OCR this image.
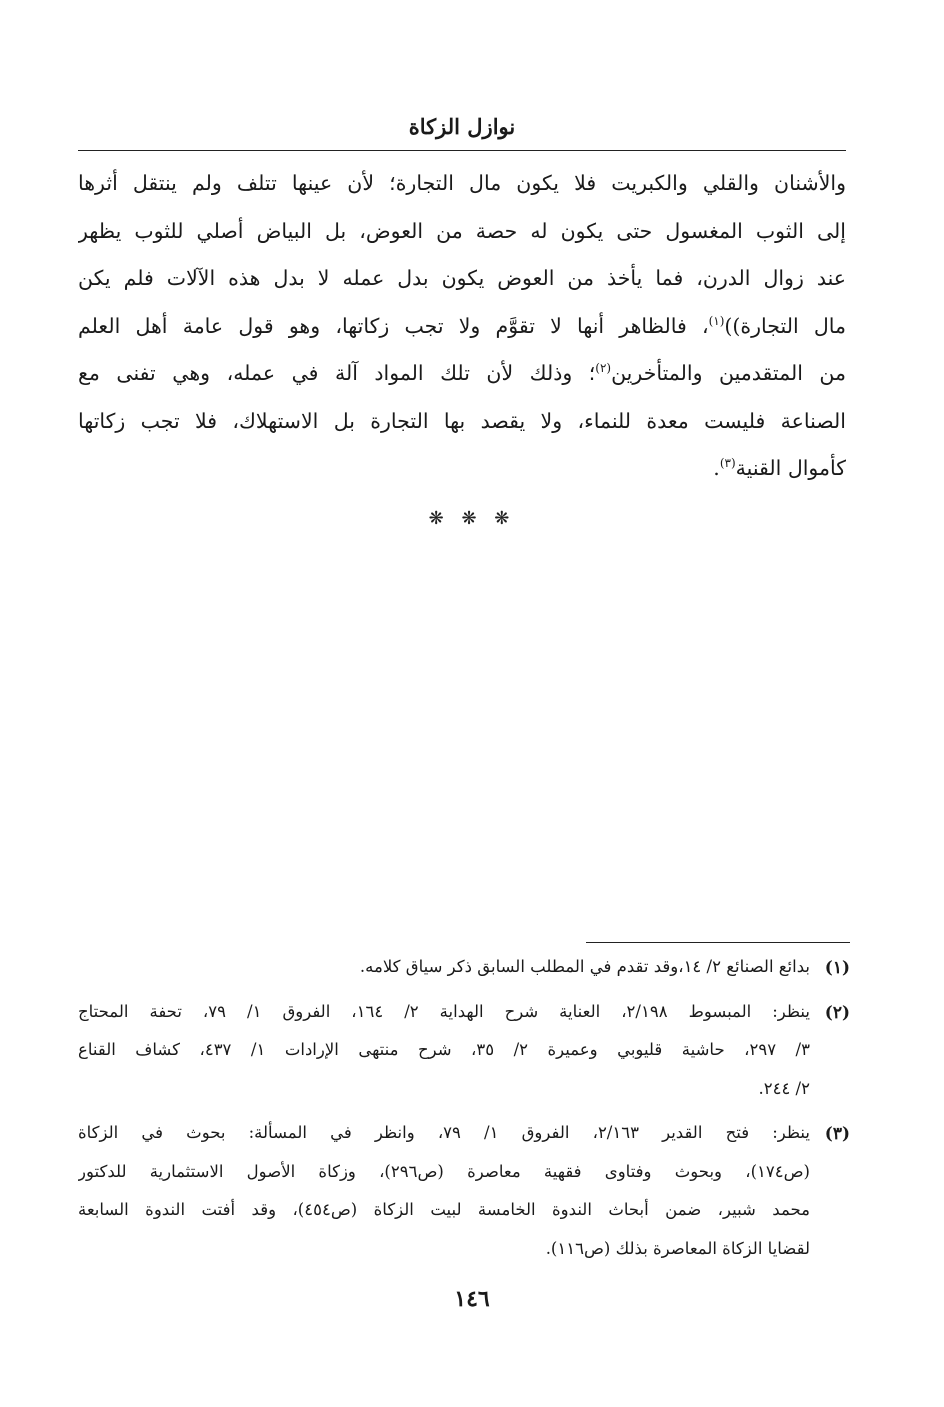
نوازل الزكاة
والأشنان والقلي والكبريت فلا يكون مال التجارة؛ لأن عينها تتلف ولم ينتقل أثرها
إلى الثوب المغسول حتى يكون له حصة من العوض، بل البياض أصلي للثوب يظهر
عند زوال الدرن، فما يأخذ من العوض يكون بدل عمله لا بدل هذه الآلات فلم يكن
مال التجارة))$^{(١)}$، فالظاهر أنها لا تقوَّم ولا تجب زكاتها، وهو قول عامة أهل العلم
من المتقدمين والمتأخرين$^{(٢)}$؛ وذلك لأن تلك المواد آلة في عمله، وهي تفنى مع
الصناعة فليست معدة للنماء، ولا يقصد بها التجارة بل الاستهلاك، فلا تجب زكاتها
كأموال القنية$^{(٣)}$.
❋ ❋ ❋
(١)
بدائع الصنائع ٢/ ١٤،وقد تقدم في المطلب السابق ذكر سياق كلامه.
(٢)
ينظر: المبسوط ٢/١٩٨، العناية شرح الهداية ٢/ ١٦٤، الفروق ١/ ٧٩، تحفة المحتاج
٣/ ٢٩٧، حاشية قليوبي وعميرة ٢/ ٣٥، شرح منتهى الإرادات ١/ ٤٣٧، كشاف القناع
٢/ ٢٤٤.
(٣)
ينظر: فتح القدير ٢/١٦٣، الفروق ١/ ٧٩، وانظر في المسألة: بحوث في الزكاة
(ص١٧٤)، وبحوث وفتاوى فقهية معاصرة (ص٢٩٦)، وزكاة الأصول الاستثمارية للدكتور
محمد شبير، ضمن أبحاث الندوة الخامسة لبيت الزكاة (ص٤٥٤)، وقد أفتت الندوة السابعة
لقضايا الزكاة المعاصرة بذلك (ص١١٦).
١٤٦
